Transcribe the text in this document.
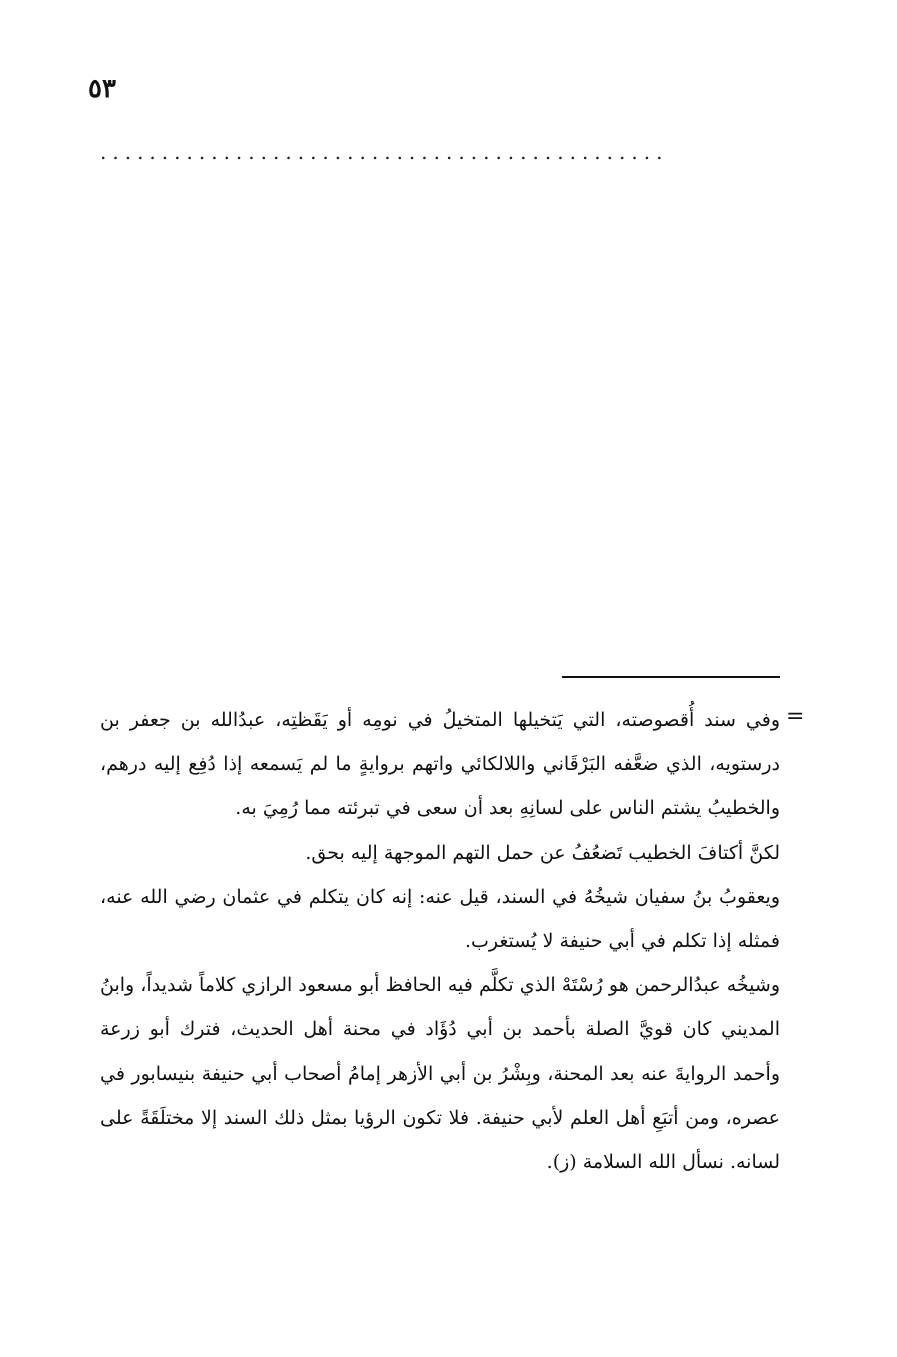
٥٣
..............................................
=

وفي سند أُقصوصته، التي يَتخيلها المتخيلُ في نومِه أو يَقَظتِه، عبدُالله بن جعفر بن درستويه، الذي ضعَّفه البَرْقَاني واللالكائي واتهم بروايةٍ ما لم يَسمعه إذا دُفِع إليه درهم، والخطيبُ يشتم الناس على لسانِهِ بعد أن سعى في تبرئته مما رُمِيَ به.

لكنَّ أكتافَ الخطيب تَضعُفُ عن حمل التهم الموجهة إليه بحق.

ويعقوبُ بنُ سفيان شيخُهُ في السند، قيل عنه: إنه كان يتكلم في عثمان رضي الله عنه، فمثله إذا تكلم في أبي حنيفة لا يُستغرب.

وشيخُه عبدُالرحمن هو رُسْتَهْ الذي تكلَّم فيه الحافظ أبو مسعود الرازي كلاماً شديداً، وابنُ المديني كان قويَّ الصلة بأحمد بن أبي دُؤَاد في محنة أهل الحديث، فترك أبو زرعة وأحمد الروايةَ عنه بعد المحنة، وبِشْرُ بن أبي الأزهر إمامُ أصحاب أبي حنيفة بنيسابور في عصره، ومن أتبَعِ أهل العلم لأبي حنيفة. فلا تكون الرؤيا بمثل ذلك السند إلا مختلَقَةً على لسانه. نسأل الله السلامة (ز).
